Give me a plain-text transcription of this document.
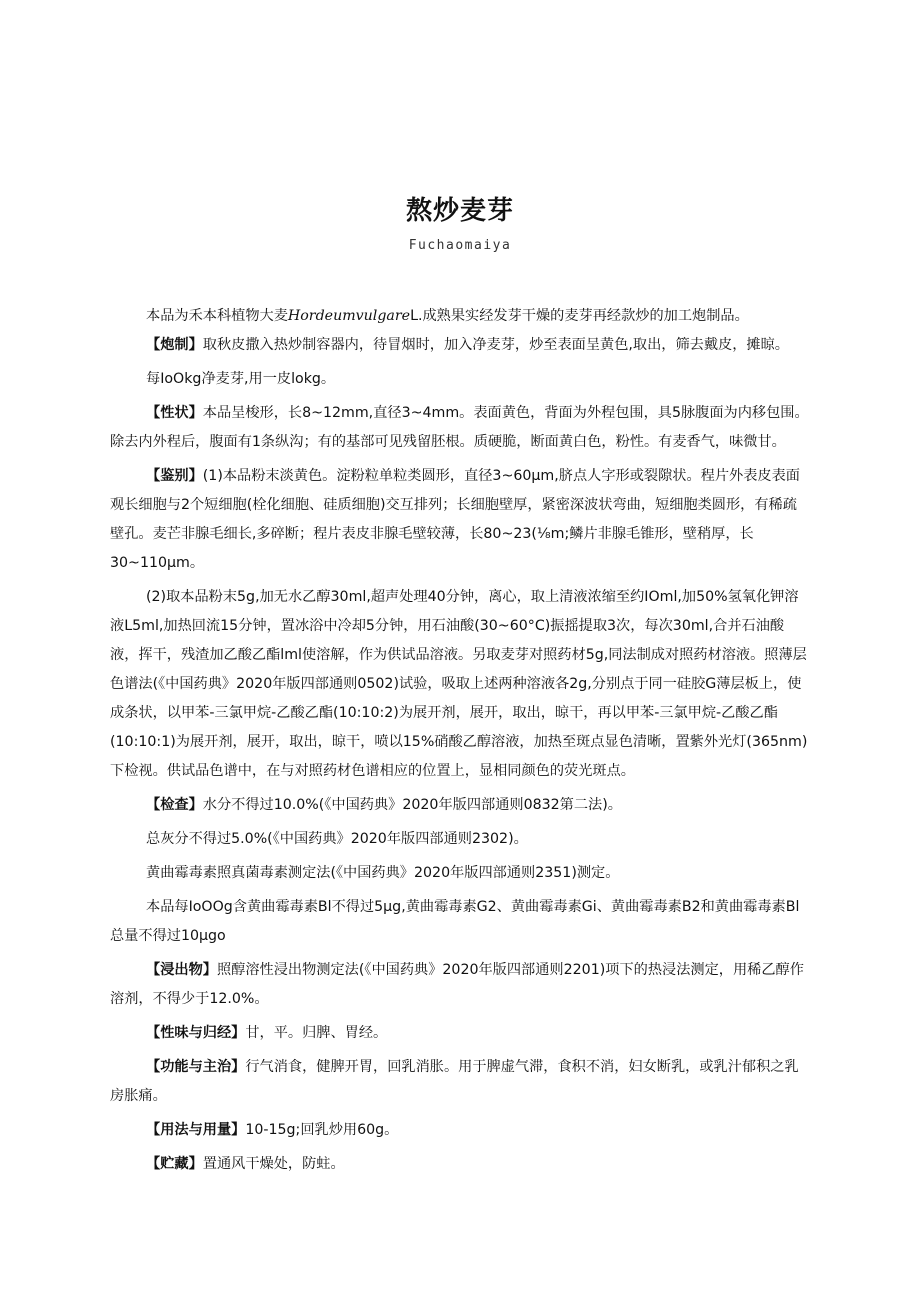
熬炒麦芽
Fuchaomaiya

本品为禾本科植物大麦HordeumvulgareL.成熟果实经发芽干燥的麦芽再经款炒的加工炮制品。

【炮制】取秋皮撒入热炒制容器内，待冒烟时，加入净麦芽，炒至表面呈黄色,取出，筛去戴皮，摊晾。

每IoOkg净麦芽,用一皮lokg。

【性状】本品呈梭形，长8~12mm,直径3~4mm。表面黄色，背面为外程包围，具5脉腹面为内移包围。除去内外程后，腹面有1条纵沟；有的基部可见残留胚根。质硬脆，断面黄白色，粉性。有麦香气，味微甘。

【鉴别】(1)本品粉末淡黄色。淀粉粒单粒类圆形，直径3~60μm,脐点人字形或裂隙状。程片外表皮表面观长细胞与2个短细胞(栓化细胞、硅质细胞)交互排列；长细胞壁厚，紧密深波状弯曲，短细胞类圆形，有稀疏壁孔。麦芒非腺毛细长,多碎断；程片表皮非腺毛壁较薄，长80~23(⅛m;鳞片非腺毛锥形，壁稍厚，长30~110μm。

(2)取本品粉末5g,加无水乙醇30ml,超声处理40分钟，离心，取上清液浓缩至约IOml,加50%氢氧化钾溶液L5ml,加热回流15分钟，置冰浴中冷却5分钟，用石油酸(30~60°C)振摇提取3次，每次30ml,合并石油酸液，挥干，残渣加乙酸乙酯lml使溶解，作为供试品溶液。另取麦芽对照药材5g,同法制成对照药材溶液。照薄层色谱法(《中国药典》2020年版四部通则0502)试验，吸取上述两种溶液各2g,分别点于同一硅胶G薄层板上，使成条状，以甲苯-三氯甲烷-乙酸乙酯(10:10:2)为展开剂，展开，取出，晾干，再以甲苯-三氯甲烷-乙酸乙酯(10:10:1)为展开剂，展开，取出，晾干，喷以15%硝酸乙醇溶液，加热至斑点显色清晰，置紫外光灯(365nm)下检视。供试品色谱中，在与对照药材色谱相应的位置上，显相同颜色的荧光斑点。

【检查】水分不得过10.0%(《中国药典》2020年版四部通则0832第二法)。

总灰分不得过5.0%(《中国药典》2020年版四部通则2302)。

黄曲霉毒素照真菌毒素测定法(《中国药典》2020年版四部通则2351)测定。

本品每IoOOg含黄曲霉毒素Bl不得过5μg,黄曲霉毒素G2、黄曲霉毒素Gi、黄曲霉毒素B2和黄曲霉毒素Bl总量不得过10μgo

【浸出物】照醇溶性浸出物测定法(《中国药典》2020年版四部通则2201)项下的热浸法测定，用稀乙醇作溶剂，不得少于12.0%。

【性味与归经】甘，平。归脾、胃经。

【功能与主治】行气消食，健脾开胃，回乳消胀。用于脾虚气滞，食积不消，妇女断乳，或乳汁郁积之乳房胀痛。

【用法与用量】10-15g;回乳炒用60g。

【贮藏】置通风干燥处，防蛀。
